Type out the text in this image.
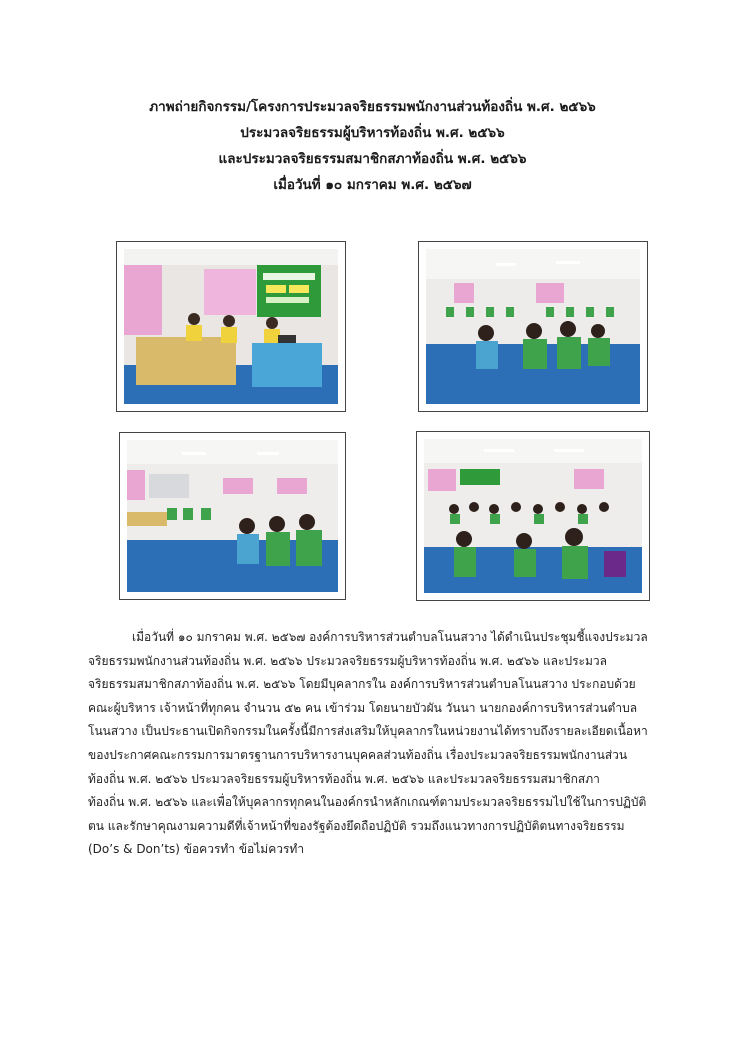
ภาพถ่ายกิจกรรม/โครงการประมวลจริยธรรมพนักงานส่วนท้องถิ่น พ.ศ. ๒๕๖๖
ประมวลจริยธรรมผู้บริหารท้องถิ่น พ.ศ. ๒๕๖๖
และประมวลจริยธรรมสมาชิกสภาท้องถิ่น พ.ศ. ๒๕๖๖
เมื่อวันที่ ๑๐ มกราคม พ.ศ. ๒๕๖๗
เมื่อวันที่ ๑๐ มกราคม พ.ศ. ๒๕๖๗ องค์การบริหารส่วนตำบลโนนสวาง ได้ดำเนินประชุมชี้แจงประมวล
จริยธรรมพนักงานส่วนท้องถิ่น พ.ศ. ๒๕๖๖ ประมวลจริยธรรมผู้บริหารท้องถิ่น พ.ศ. ๒๕๖๖ และประมวล
จริยธรรมสมาชิกสภาท้องถิ่น พ.ศ. ๒๕๖๖ โดยมีบุคลากรใน องค์การบริหารส่วนตำบลโนนสวาง ประกอบด้วย
คณะผู้บริหาร เจ้าหน้าที่ทุกคน จำนวน ๕๒ คน เข้าร่วม โดยนายบัวผัน วันนา นายกองค์การบริหารส่วนตำบล
โนนสวาง เป็นประธานเปิดกิจกรรมในครั้งนี้มีการส่งเสริมให้บุคลากรในหน่วยงานได้ทราบถึงรายละเอียดเนื้อหา
ของประกาศคณะกรรมการมาตรฐานการบริหารงานบุคคลส่วนท้องถิ่น เรื่องประมวลจริยธรรมพนักงานส่วน
ท้องถิ่น พ.ศ. ๒๕๖๖ ประมวลจริยธรรมผู้บริหารท้องถิ่น พ.ศ. ๒๕๖๖ และประมวลจริยธรรมสมาชิกสภา
ท้องถิ่น พ.ศ. ๒๕๖๖ และเพื่อให้บุคลากรทุกคนในองค์กรนำหลักเกณฑ์ตามประมวลจริยธรรมไปใช้ในการปฏิบัติ
ตน และรักษาคุณงามความดีที่เจ้าหน้าที่ของรัฐต้องยึดถือปฏิบัติ รวมถึงแนวทางการปฏิบัติตนทางจริยธรรม
(Do’s & Don’ts) ข้อควรทำ ข้อไม่ควรทำ
